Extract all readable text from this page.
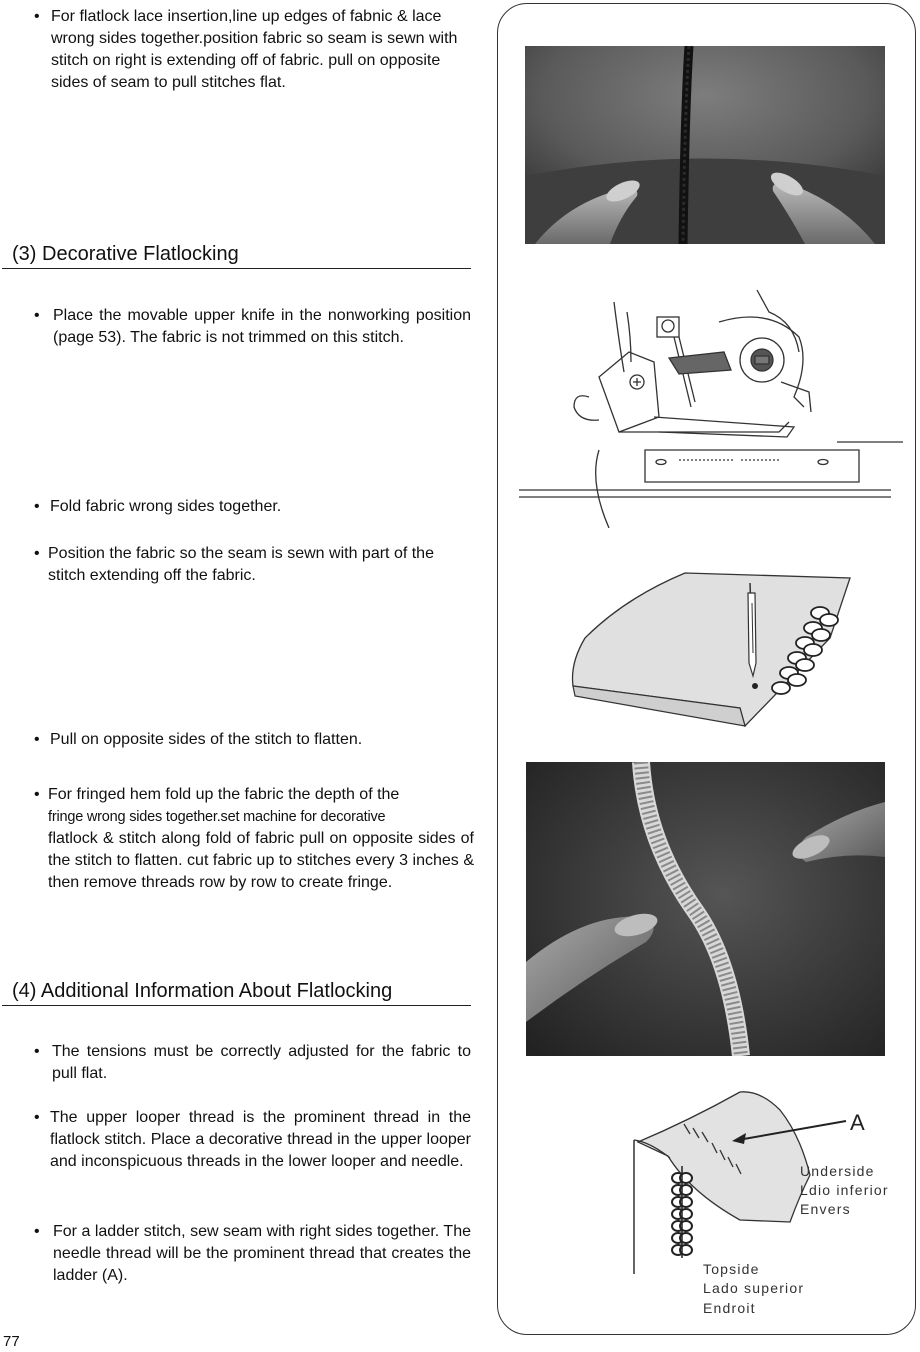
• For flatlock lace insertion,line up edges of fabnic & lace wrong sides together.position fabric so seam is sewn with stitch on right is extending off of fabric. pull on opposite sides of seam to pull stitches flat.

(3) Decorative Flatlocking
• Place the movable upper knife in the nonworking position (page 53). The fabric is not trimmed on this stitch.

• Fold fabric wrong sides together.

• Position the fabric so the seam is sewn with part of the stitch extending off the fabric.

• Pull on opposite sides of the stitch to flatten.

• For fringed hem fold up the fabric the depth of the
fringe wrong sides together.set machine for decorative
flatlock & stitch along fold of fabric pull on opposite sides of the stitch to flatten. cut fabric up to stitches every 3 inches & then remove threads row by row to create fringe.
(4) Additional Information About Flatlocking
• The tensions must be correctly adjusted for the fabric to pull flat.

• The upper looper thread is the prominent thread in the flatlock stitch. Place a decorative thread in the upper looper and inconspicuous threads in the lower looper and needle.

• For a ladder stitch, sew seam with right sides together. The needle thread will be the prominent thread that creates the ladder (A).

77
A
Underside
Ldio inferior
Envers
Topside
Lado superior
Endroit
